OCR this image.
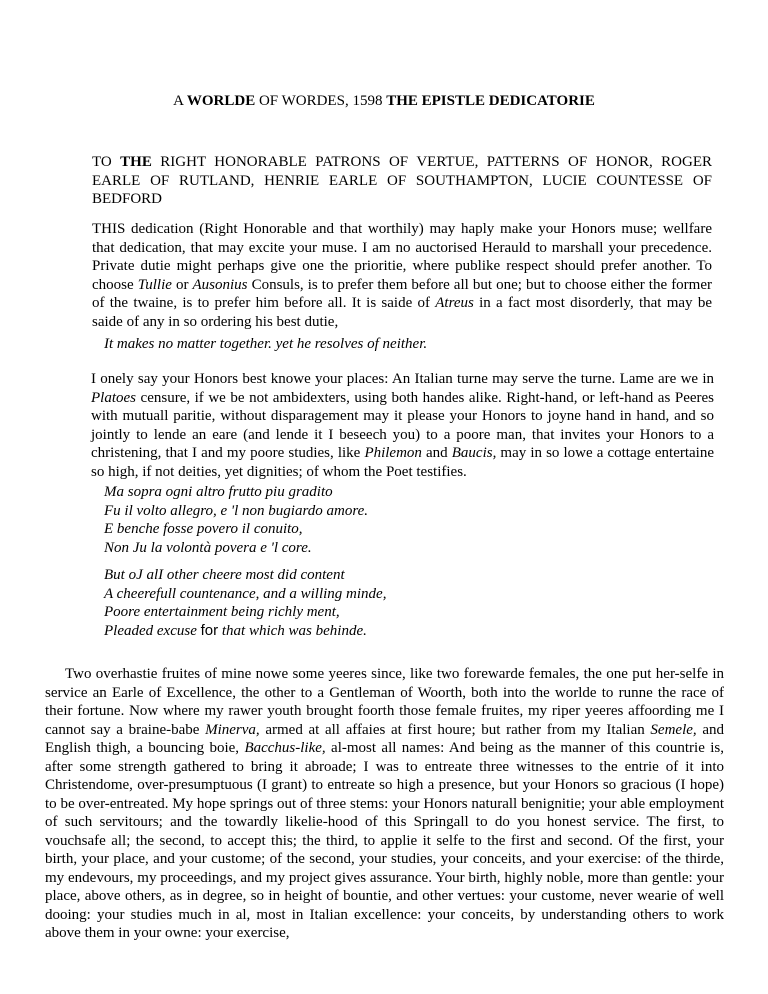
A WORLDE OF WORDES, 1598 THE EPISTLE DEDICATORIE
TO THE RIGHT HONORABLE PATRONS OF VERTUE, PATTERNS OF HONOR, ROGER EARLE OF RUTLAND, HENRIE EARLE OF SOUTHAMPTON, LUCIE COUNTESSE OF BEDFORD
THIS dedication (Right Honorable and that worthily) may haply make your Honors muse; wellfare that dedication, that may excite your muse. I am no auctorised Herauld to marshall your precedence. Private dutie might perhaps give one the prioritie, where publike respect should prefer another. To choose Tullie or Ausonius Consuls, is to prefer them before all but one; but to choose either the former of the twaine, is to prefer him before all. It is saide of Atreus in a fact most disorderly, that may be saide of any in so ordering his best dutie,
It makes no matter together. yet he resolves of neither.
I onely say your Honors best knowe your places: An Italian turne may serve the turne. Lame are we in Platoes censure, if we be not ambidexters, using both handes alike. Right-hand, or left-hand as Peeres with mutuall paritie, without disparagement may it please your Honors to joyne hand in hand, and so jointly to lende an eare (and lende it I beseech you) to a poore man, that invites your Honors to a christening, that I and my poore studies, like Philemon and Baucis, may in so lowe a cottage entertaine so high, if not deities, yet dignities; of whom the Poet testifies.
Ma sopra ogni altro frutto piu gradito
Fu il volto allegro, e 'l non bugiardo amore.
E benche fosse povero il conuito,
Non Ju la volontà povera e 'l core.
But oJ alI other cheere most did content
A cheerefull countenance, and a willing minde,
Poore entertainment being richly ment,
Pleaded excuse for that which was behinde.
Two overhastie fruites of mine nowe some yeeres since, like two forewarde females, the one put her-selfe in service an Earle of Excellence, the other to a Gentleman of Woorth, both into the worlde to runne the race of their fortune. Now where my rawer youth brought foorth those female fruites, my riper yeeres affoording me I cannot say a braine-babe Minerva, armed at all affaies at first houre; but rather from my Italian Semele, and English thigh, a bouncing boie, Bacchus-like, al-most all names: And being as the manner of this countrie is, after some strength gathered to bring it abroade; I was to entreate three witnesses to the entrie of it into Christendome, over-presumptuous (I grant) to entreate so high a presence, but your Honors so gracious (I hope) to be over-entreated. My hope springs out of three stems: your Honors naturall benignitie; your able employment of such servitours; and the towardly likelie-hood of this Springall to do you honest service. The first, to vouchsafe all; the second, to accept this; the third, to applie it selfe to the first and second. Of the first, your birth, your place, and your custome; of the second, your studies, your conceits, and your exercise: of the thirde, my endevours, my proceedings, and my project gives assurance. Your birth, highly noble, more than gentle: your place, above others, as in degree, so in height of bountie, and other vertues: your custome, never wearie of well dooing: your studies much in al, most in Italian excellence: your conceits, by understanding others to work above them in your owne: your exercise,
